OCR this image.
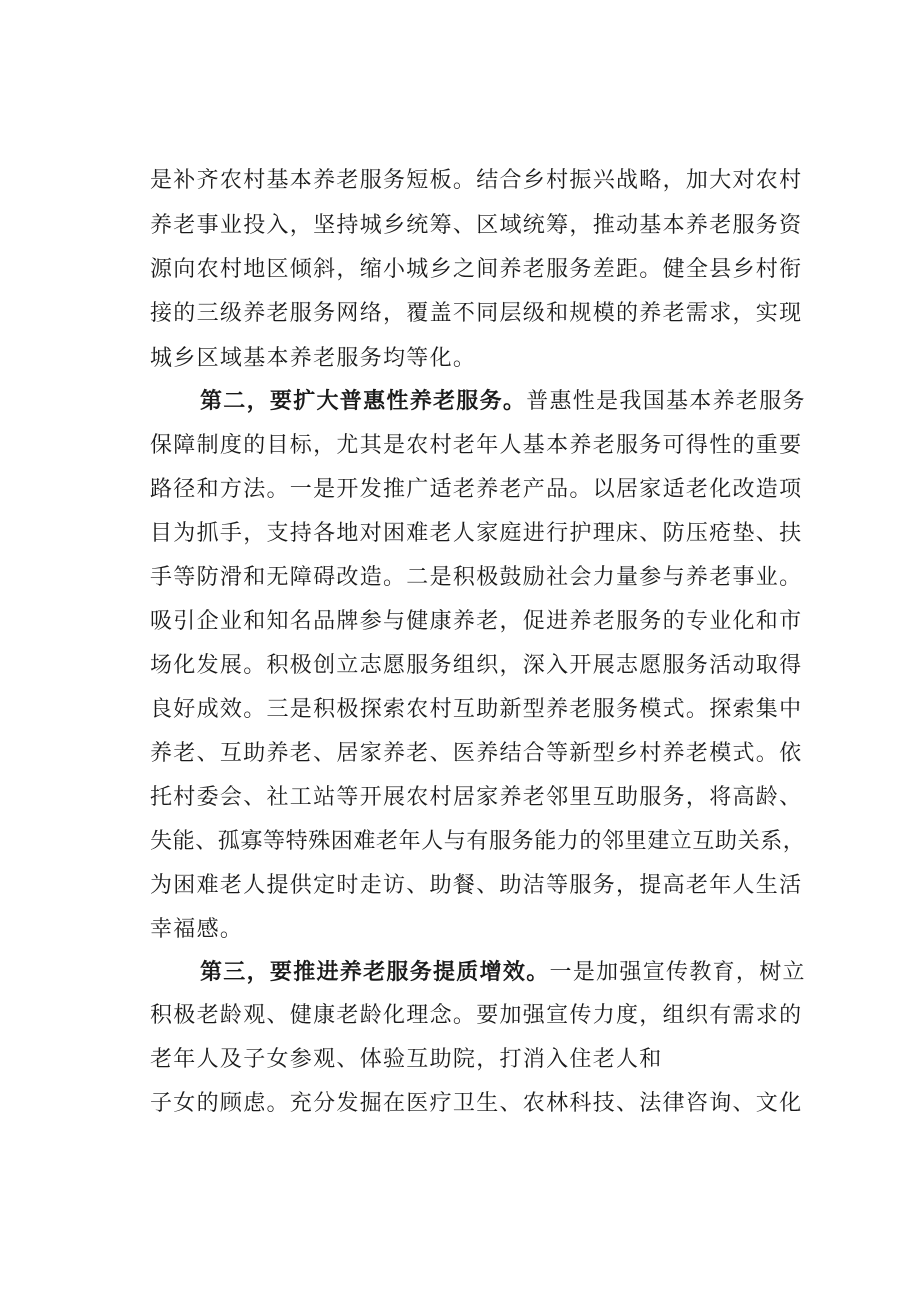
是补齐农村基本养老服务短板。结合乡村振兴战略，加大对农村
养老事业投入，坚持城乡统筹、区域统筹，推动基本养老服务资
源向农村地区倾斜，缩小城乡之间养老服务差距。健全县乡村衔
接的三级养老服务网络，覆盖不同层级和规模的养老需求，实现
城乡区域基本养老服务均等化。
第二，要扩大普惠性养老服务。普惠性是我国基本养老服务
保障制度的目标，尤其是农村老年人基本养老服务可得性的重要
路径和方法。一是开发推广适老养老产品。以居家适老化改造项
目为抓手，支持各地对困难老人家庭进行护理床、防压疮垫、扶
手等防滑和无障碍改造。二是积极鼓励社会力量参与养老事业。
吸引企业和知名品牌参与健康养老，促进养老服务的专业化和市
场化发展。积极创立志愿服务组织，深入开展志愿服务活动取得
良好成效。三是积极探索农村互助新型养老服务模式。探索集中
养老、互助养老、居家养老、医养结合等新型乡村养老模式。依
托村委会、社工站等开展农村居家养老邻里互助服务，将高龄、
失能、孤寡等特殊困难老年人与有服务能力的邻里建立互助关系，
为困难老人提供定时走访、助餐、助洁等服务，提高老年人生活
幸福感。
第三，要推进养老服务提质增效。一是加强宣传教育，树立
积极老龄观、健康老龄化理念。要加强宣传力度，组织有需求的
老年人及子女参观、体验互助院，打消入住老人和
子女的顾虑。充分发掘在医疗卫生、农林科技、法律咨询、文化
